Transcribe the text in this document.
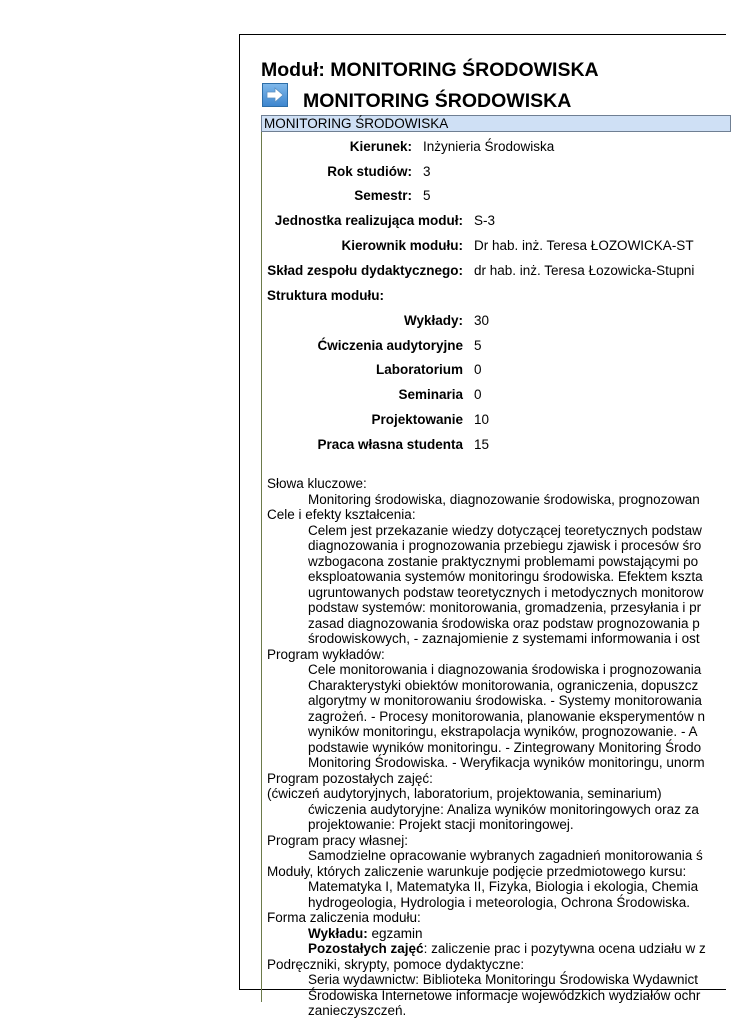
Moduł: MONITORING ŚRODOWISKA
MONITORING ŚRODOWISKA
MONITORING ŚRODOWISKA
Kierunek: Inżynieria Środowiska
Rok studiów: 3
Semestr: 5
Jednostka realizująca moduł: S-3
Kierownik modułu: Dr hab. inż. Teresa ŁOZOWICKA-ST
Skład zespołu dydaktycznego: dr hab. inż. Teresa Łozowicka-Stupni
Struktura modułu:
Wykłady: 30
Ćwiczenia audytoryjne 5
Laboratorium 0
Seminaria 0
Projektowanie 10
Praca własna studenta 15
Słowa kluczowe:
Monitoring środowiska, diagnozowanie środowiska, prognozowan
Cele i efekty kształcenia:
Celem jest przekazanie wiedzy dotyczącej teoretycznych podstaw
diagnozowania i prognozowania przebiegu zjawisk i procesów śro
wzbogacona zostanie praktycznymi problemami powstającymi po
eksploatowania systemów monitoringu środowiska. Efektem kszta
ugruntowanych podstaw teoretycznych i metodycznych monitorow
podstaw systemów: monitorowania, gromadzenia, przesyłania i pr
zasad diagnozowania środowiska oraz podstaw prognozowania p
środowiskowych, - zaznajomienie z systemami informowania i ost
Program wykładów:
Cele monitorowania i diagnozowania środowiska i prognozowania
Charakterystyki obiektów monitorowania, ograniczenia, dopuszcz
algorytmy w monitorowaniu środowiska. - Systemy monitorowania
zagrożeń. - Procesy monitorowania, planowanie eksperymentów n
wyników monitoringu, ekstrapolacja wyników, prognozowanie. - A
podstawie wyników monitoringu. - Zintegrowany Monitoring Środo
Monitoring Środowiska. - Weryfikacja wyników monitoringu, unorm
Program pozostałych zajęć:
(ćwiczeń audytoryjnych, laboratorium, projektowania, seminarium)
ćwiczenia audytoryjne: Analiza wyników monitoringowych oraz za
projektowanie: Projekt stacji monitoringowej.
Program pracy własnej:
Samodzielne opracowanie wybranych zagadnień monitorowania ś
Moduły, których zaliczenie warunkuje podjęcie przedmiotowego kursu:
Matematyka I, Matematyka II, Fizyka, Biologia i ekologia, Chemia
hydrogeologia, Hydrologia i meteorologia, Ochrona Środowiska.
Forma zaliczenia modułu:
Wykładu: egzamin
Pozostałych zajęć: zaliczenie prac i pozytywna ocena udziału w z
Podręczniki, skrypty, pomoce dydaktyczne:
Seria wydawnictw: Biblioteka Monitoringu Środowiska Wydawnict
Środowiska Internetowe informacje wojewódzkich wydziałów ochr
zanieczyszczeń.
